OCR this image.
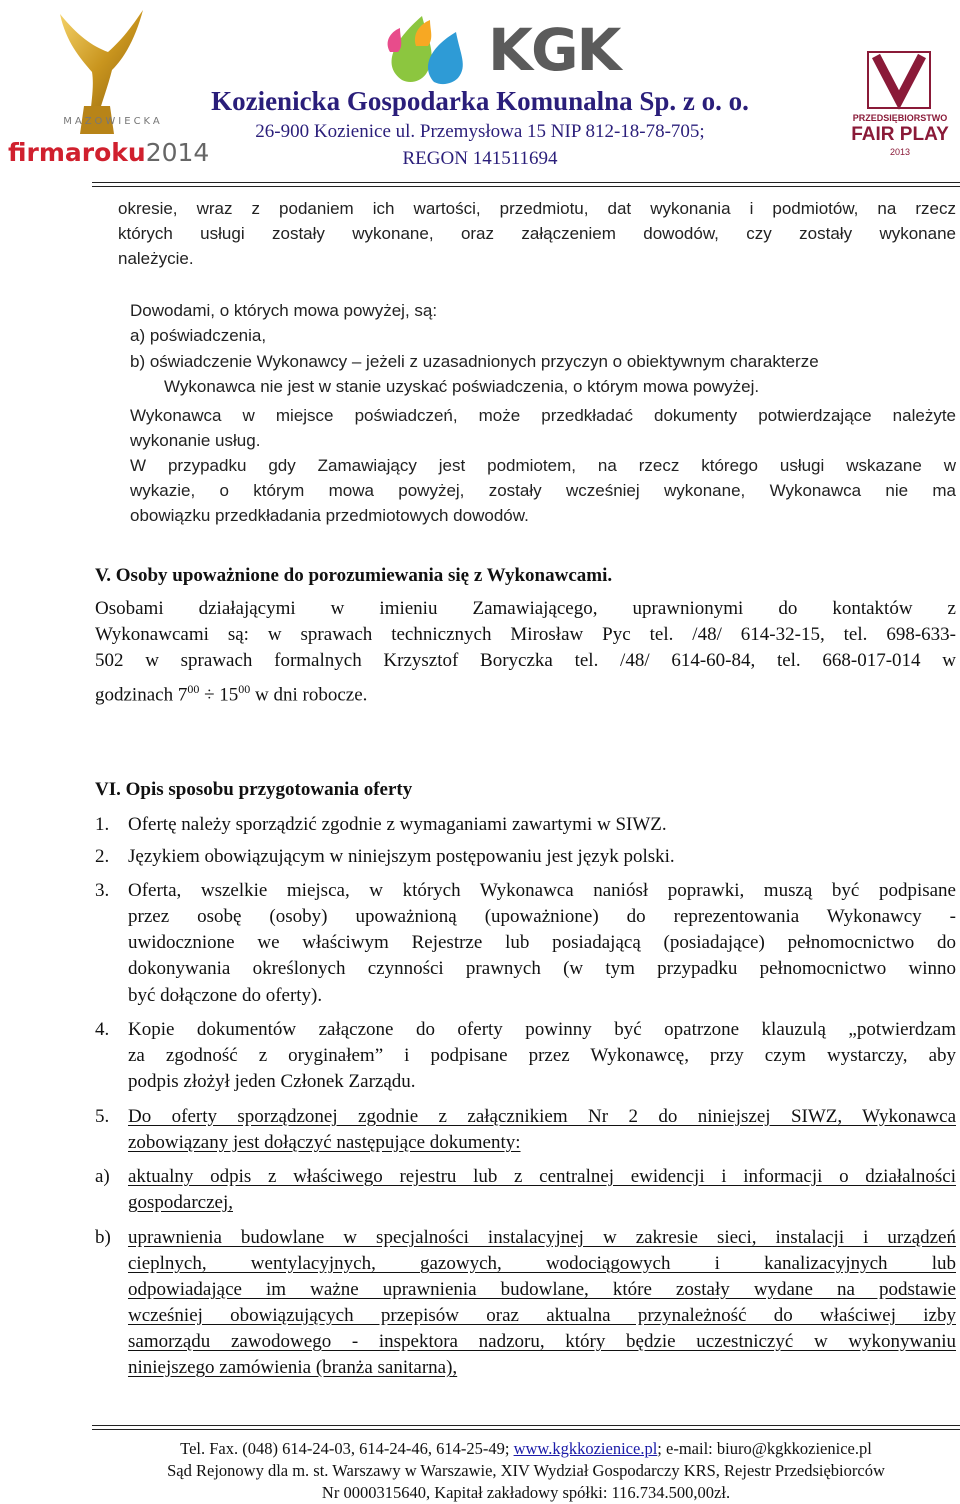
MAZOWIECKA
firmaroku2014
KGK
Kozienicka Gospodarka Komunalna Sp. z o. o.
26-900 Kozienice ul. Przemysłowa 15 NIP 812-18-78-705;
REGON 141511694
PRZEDSIĘBIORSTWO
FAIR PLAY
2013
okresie, wraz z podaniem ich wartości, przedmiotu, dat wykonania i podmiotów, na rzecz
których usługi zostały wykonane, oraz załączeniem dowodów, czy zostały wykonane
należycie.
Dowodami, o których mowa powyżej, są:
a) poświadczenia,
b) oświadczenie Wykonawcy – jeżeli z uzasadnionych przyczyn o obiektywnym charakterze
Wykonawca nie jest w stanie uzyskać poświadczenia, o którym mowa powyżej.
Wykonawca w miejsce poświadczeń, może przedkładać dokumenty potwierdzające należyte
wykonanie usług.
W przypadku gdy Zamawiający jest podmiotem, na rzecz którego usługi wskazane w
wykazie, o którym mowa powyżej, zostały wcześniej wykonane, Wykonawca nie ma
obowiązku przedkładania przedmiotowych dowodów.
V. Osoby upoważnione do porozumiewania się z Wykonawcami.
Osobami działającymi w imieniu Zamawiającego, uprawnionymi do kontaktów z
Wykonawcami są: w sprawach technicznych Mirosław Pyc tel. /48/ 614-32-15, tel. 698-633-
502 w sprawach formalnych Krzysztof Boryczka tel. /48/ 614-60-84, tel. 668-017-014 w
godzinach $7^{00} \div 15^{00}$ w dni robocze.
VI. Opis sposobu przygotowania oferty
1. Ofertę należy sporządzić zgodnie z wymaganiami zawartymi w SIWZ.
2. Językiem obowiązującym w niniejszym postępowaniu jest język polski.
3. Oferta, wszelkie miejsca, w których Wykonawca naniósł poprawki, muszą być podpisane
przez osobę (osoby) upoważnioną (upoważnione) do reprezentowania Wykonawcy -
uwidocznione we właściwym Rejestrze lub posiadającą (posiadające) pełnomocnictwo do
dokonywania określonych czynności prawnych (w tym przypadku pełnomocnictwo winno
być dołączone do oferty).
4. Kopie dokumentów załączone do oferty powinny być opatrzone klauzulą „potwierdzam
za zgodność z oryginałem” i podpisane przez Wykonawcę, przy czym wystarczy, aby
podpis złożył jeden Członek Zarządu.
5. Do oferty sporządzonej zgodnie z załącznikiem Nr 2 do niniejszej SIWZ, Wykonawca
zobowiązany jest dołączyć następujące dokumenty:
a) aktualny odpis z właściwego rejestru lub z centralnej ewidencji i informacji o działalności
gospodarczej,
b) uprawnienia budowlane w specjalności instalacyjnej w zakresie sieci, instalacji i urządzeń
cieplnych, wentylacyjnych, gazowych, wodociągowych i kanalizacyjnych lub
odpowiadające im ważne uprawnienia budowlane, które zostały wydane na podstawie
wcześniej obowiązujących przepisów oraz aktualna przynależność do właściwej izby
samorządu zawodowego - inspektora nadzoru, który będzie uczestniczyć w wykonywaniu
niniejszego zamówienia (branża sanitarna),
Tel. Fax. (048) 614-24-03, 614-24-46, 614-25-49; www.kgkkozienice.pl; e-mail: biuro@kgkkozienice.pl
Sąd Rejonowy dla m. st. Warszawy w Warszawie, XIV Wydział Gospodarczy KRS, Rejestr Przedsiębiorców
Nr 0000315640, Kapitał zakładowy spółki: 116.734.500,00zł.
